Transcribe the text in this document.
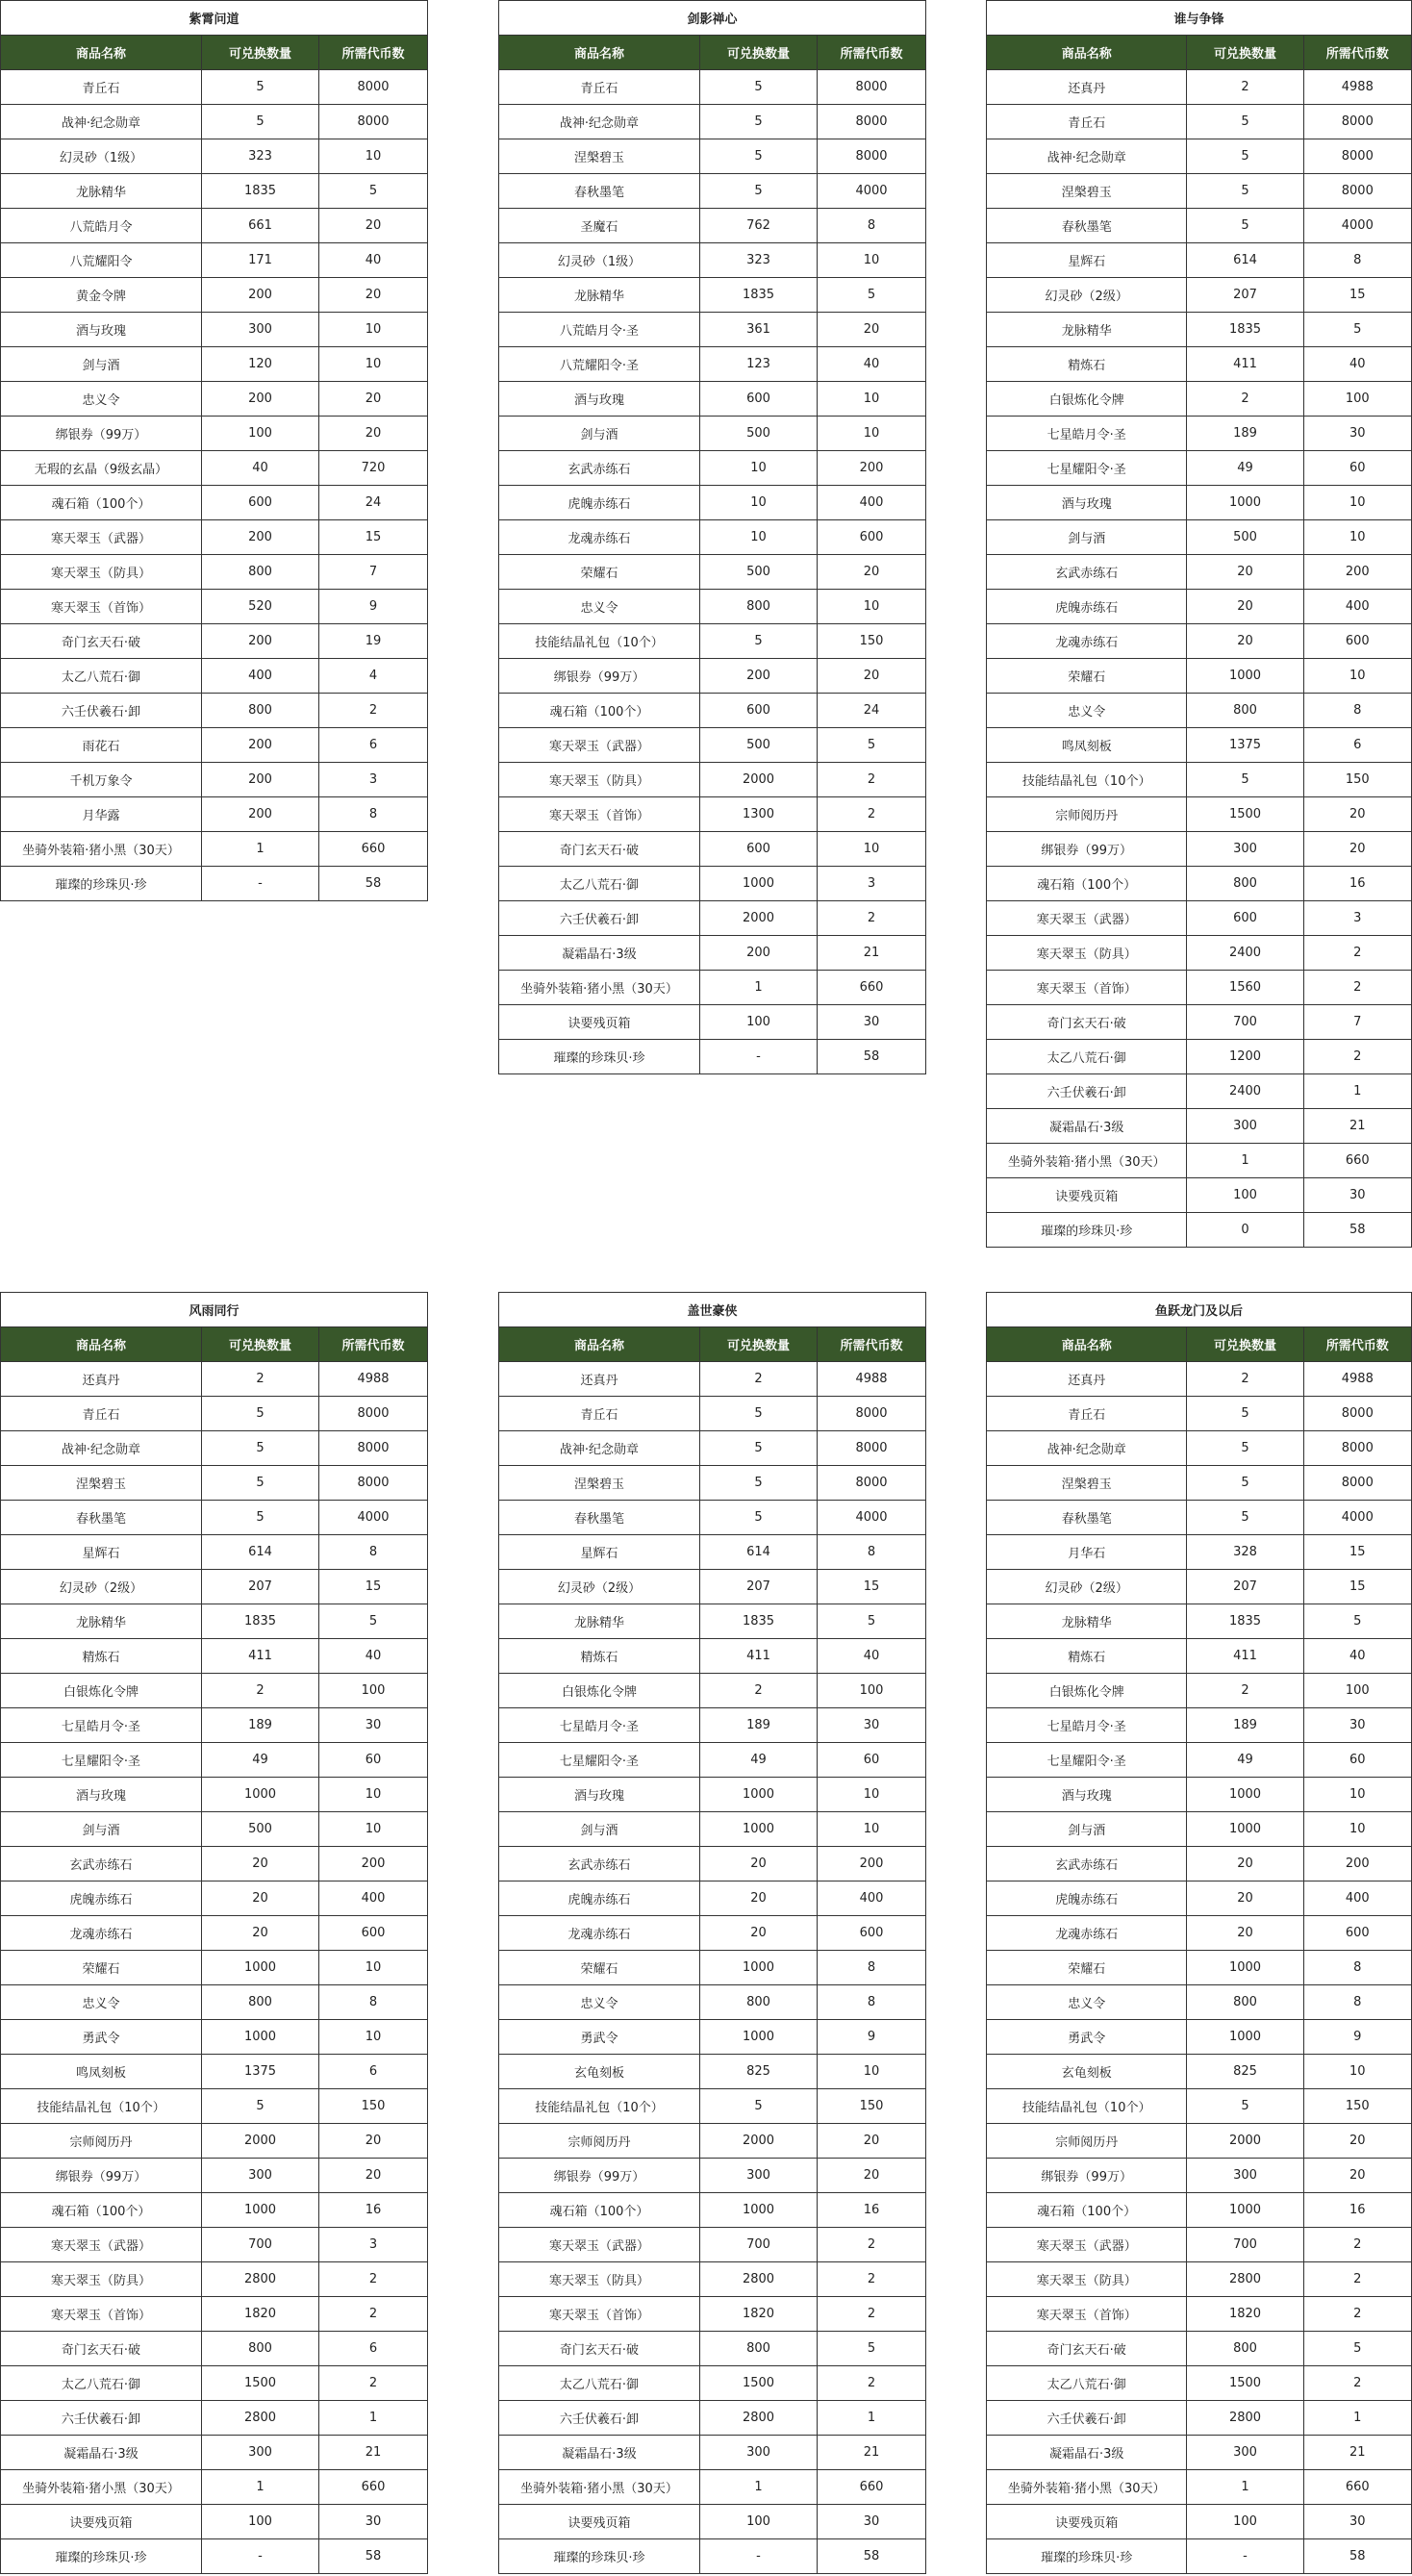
紫霄问道		
商品名称	可兑换数量	所需代币数
青丘石	5	8000
战神·纪念勋章	5	8000
幻灵砂（1级）	323	10
龙脉精华	1835	5
八荒皓月令	661	20
八荒耀阳令	171	40
黄金令牌	200	20
酒与玫瑰	300	10
剑与酒	120	10
忠义令	200	20
绑银券（99万）	100	20
无瑕的玄晶（9级玄晶）	40	720
魂石箱（100个）	600	24
寒天翠玉（武器）	200	15
寒天翠玉（防具）	800	7
寒天翠玉（首饰）	520	9
奇门玄天石·破	200	19
太乙八荒石·御	400	4
六壬伏羲石·卸	800	2
雨花石	200	6
千机万象令	200	3
月华露	200	8
坐骑外装箱·猪小黑（30天）	1	660
璀璨的珍珠贝·珍	-	58
剑影禅心		
商品名称	可兑换数量	所需代币数
青丘石	5	8000
战神·纪念勋章	5	8000
涅槃碧玉	5	8000
春秋墨笔	5	4000
圣魔石	762	8
幻灵砂（1级）	323	10
龙脉精华	1835	5
八荒皓月令·圣	361	20
八荒耀阳令·圣	123	40
酒与玫瑰	600	10
剑与酒	500	10
玄武赤练石	10	200
虎魄赤练石	10	400
龙魂赤练石	10	600
荣耀石	500	20
忠义令	800	10
技能结晶礼包（10个）	5	150
绑银券（99万）	200	20
魂石箱（100个）	600	24
寒天翠玉（武器）	500	5
寒天翠玉（防具）	2000	2
寒天翠玉（首饰）	1300	2
奇门玄天石·破	600	10
太乙八荒石·御	1000	3
六壬伏羲石·卸	2000	2
凝霜晶石·3级	200	21
坐骑外装箱·猪小黑（30天）	1	660
诀要残页箱	100	30
璀璨的珍珠贝·珍	-	58
谁与争锋		
商品名称	可兑换数量	所需代币数
还真丹	2	4988
青丘石	5	8000
战神·纪念勋章	5	8000
涅槃碧玉	5	8000
春秋墨笔	5	4000
星辉石	614	8
幻灵砂（2级）	207	15
龙脉精华	1835	5
精炼石	411	40
白银炼化令牌	2	100
七星皓月令·圣	189	30
七星耀阳令·圣	49	60
酒与玫瑰	1000	10
剑与酒	500	10
玄武赤练石	20	200
虎魄赤练石	20	400
龙魂赤练石	20	600
荣耀石	1000	10
忠义令	800	8
鸣凤刻板	1375	6
技能结晶礼包（10个）	5	150
宗师阅历丹	1500	20
绑银券（99万）	300	20
魂石箱（100个）	800	16
寒天翠玉（武器）	600	3
寒天翠玉（防具）	2400	2
寒天翠玉（首饰）	1560	2
奇门玄天石·破	700	7
太乙八荒石·御	1200	2
六壬伏羲石·卸	2400	1
凝霜晶石·3级	300	21
坐骑外装箱·猪小黑（30天）	1	660
诀要残页箱	100	30
璀璨的珍珠贝·珍	0	58
风雨同行		
商品名称	可兑换数量	所需代币数
还真丹	2	4988
青丘石	5	8000
战神·纪念勋章	5	8000
涅槃碧玉	5	8000
春秋墨笔	5	4000
星辉石	614	8
幻灵砂（2级）	207	15
龙脉精华	1835	5
精炼石	411	40
白银炼化令牌	2	100
七星皓月令·圣	189	30
七星耀阳令·圣	49	60
酒与玫瑰	1000	10
剑与酒	500	10
玄武赤练石	20	200
虎魄赤练石	20	400
龙魂赤练石	20	600
荣耀石	1000	10
忠义令	800	8
勇武令	1000	10
鸣凤刻板	1375	6
技能结晶礼包（10个）	5	150
宗师阅历丹	2000	20
绑银券（99万）	300	20
魂石箱（100个）	1000	16
寒天翠玉（武器）	700	3
寒天翠玉（防具）	2800	2
寒天翠玉（首饰）	1820	2
奇门玄天石·破	800	6
太乙八荒石·御	1500	2
六壬伏羲石·卸	2800	1
凝霜晶石·3级	300	21
坐骑外装箱·猪小黑（30天）	1	660
诀要残页箱	100	30
璀璨的珍珠贝·珍	-	58
盖世豪侠		
商品名称	可兑换数量	所需代币数
还真丹	2	4988
青丘石	5	8000
战神·纪念勋章	5	8000
涅槃碧玉	5	8000
春秋墨笔	5	4000
星辉石	614	8
幻灵砂（2级）	207	15
龙脉精华	1835	5
精炼石	411	40
白银炼化令牌	2	100
七星皓月令·圣	189	30
七星耀阳令·圣	49	60
酒与玫瑰	1000	10
剑与酒	1000	10
玄武赤练石	20	200
虎魄赤练石	20	400
龙魂赤练石	20	600
荣耀石	1000	8
忠义令	800	8
勇武令	1000	9
玄龟刻板	825	10
技能结晶礼包（10个）	5	150
宗师阅历丹	2000	20
绑银券（99万）	300	20
魂石箱（100个）	1000	16
寒天翠玉（武器）	700	2
寒天翠玉（防具）	2800	2
寒天翠玉（首饰）	1820	2
奇门玄天石·破	800	5
太乙八荒石·御	1500	2
六壬伏羲石·卸	2800	1
凝霜晶石·3级	300	21
坐骑外装箱·猪小黑（30天）	1	660
诀要残页箱	100	30
璀璨的珍珠贝·珍	-	58
鱼跃龙门及以后		
商品名称	可兑换数量	所需代币数
还真丹	2	4988
青丘石	5	8000
战神·纪念勋章	5	8000
涅槃碧玉	5	8000
春秋墨笔	5	4000
月华石	328	15
幻灵砂（2级）	207	15
龙脉精华	1835	5
精炼石	411	40
白银炼化令牌	2	100
七星皓月令·圣	189	30
七星耀阳令·圣	49	60
酒与玫瑰	1000	10
剑与酒	1000	10
玄武赤练石	20	200
虎魄赤练石	20	400
龙魂赤练石	20	600
荣耀石	1000	8
忠义令	800	8
勇武令	1000	9
玄龟刻板	825	10
技能结晶礼包（10个）	5	150
宗师阅历丹	2000	20
绑银券（99万）	300	20
魂石箱（100个）	1000	16
寒天翠玉（武器）	700	2
寒天翠玉（防具）	2800	2
寒天翠玉（首饰）	1820	2
奇门玄天石·破	800	5
太乙八荒石·御	1500	2
六壬伏羲石·卸	2800	1
凝霜晶石·3级	300	21
坐骑外装箱·猪小黑（30天）	1	660
诀要残页箱	100	30
璀璨的珍珠贝·珍	-	58
